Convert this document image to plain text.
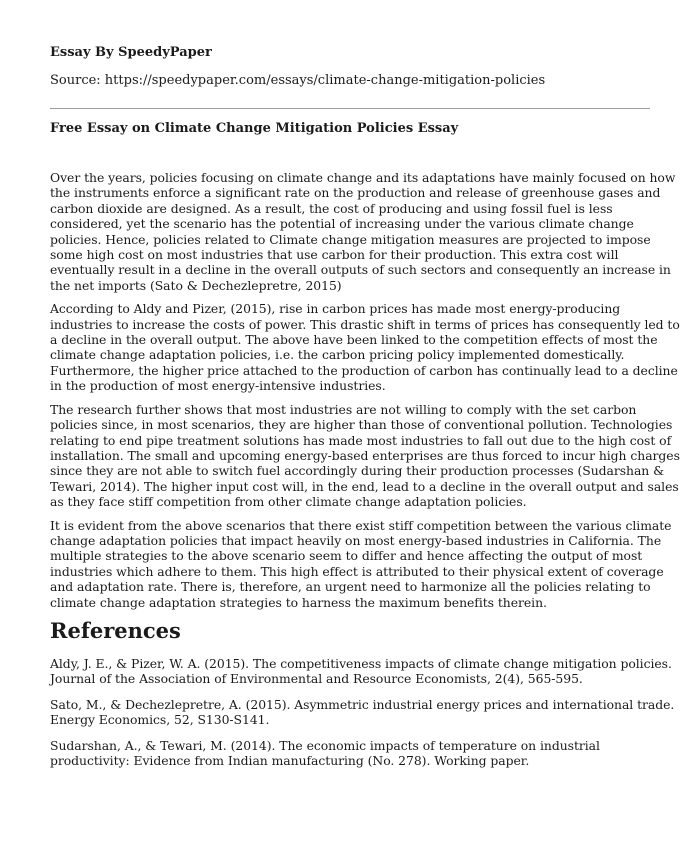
Essay By SpeedyPaper
Source: https://speedypaper.com/essays/climate-change-mitigation-policies
Free Essay on Climate Change Mitigation Policies Essay

Over the years, policies focusing on climate change and its adaptations have mainly focused on how
the instruments enforce a significant rate on the production and release of greenhouse gases and
carbon dioxide are designed. As a result, the cost of producing and using fossil fuel is less
considered, yet the scenario has the potential of increasing under the various climate change
policies. Hence, policies related to Climate change mitigation measures are projected to impose
some high cost on most industries that use carbon for their production. This extra cost will
eventually result in a decline in the overall outputs of such sectors and consequently an increase in
the net imports (Sato & Dechezlepretre, 2015)

According to Aldy and Pizer, (2015), rise in carbon prices has made most energy-producing
industries to increase the costs of power. This drastic shift in terms of prices has consequently led to
a decline in the overall output. The above have been linked to the competition effects of most the
climate change adaptation policies, i.e. the carbon pricing policy implemented domestically.
Furthermore, the higher price attached to the production of carbon has continually lead to a decline
in the production of most energy-intensive industries.

The research further shows that most industries are not willing to comply with the set carbon
policies since, in most scenarios, they are higher than those of conventional pollution. Technologies
relating to end pipe treatment solutions has made most industries to fall out due to the high cost of
installation. The small and upcoming energy-based enterprises are thus forced to incur high charges
since they are not able to switch fuel accordingly during their production processes (Sudarshan &
Tewari, 2014). The higher input cost will, in the end, lead to a decline in the overall output and sales
as they face stiff competition from other climate change adaptation policies.

It is evident from the above scenarios that there exist stiff competition between the various climate
change adaptation policies that impact heavily on most energy-based industries in California. The
multiple strategies to the above scenario seem to differ and hence affecting the output of most
industries which adhere to them. This high effect is attributed to their physical extent of coverage
and adaptation rate. There is, therefore, an urgent need to harmonize all the policies relating to
climate change adaptation strategies to harness the maximum benefits therein.

References

Aldy, J. E., & Pizer, W. A. (2015). The competitiveness impacts of climate change mitigation policies.
Journal of the Association of Environmental and Resource Economists, 2(4), 565-595.

Sato, M., & Dechezlepretre, A. (2015). Asymmetric industrial energy prices and international trade.
Energy Economics, 52, S130-S141.

Sudarshan, A., & Tewari, M. (2014). The economic impacts of temperature on industrial
productivity: Evidence from Indian manufacturing (No. 278). Working paper.
